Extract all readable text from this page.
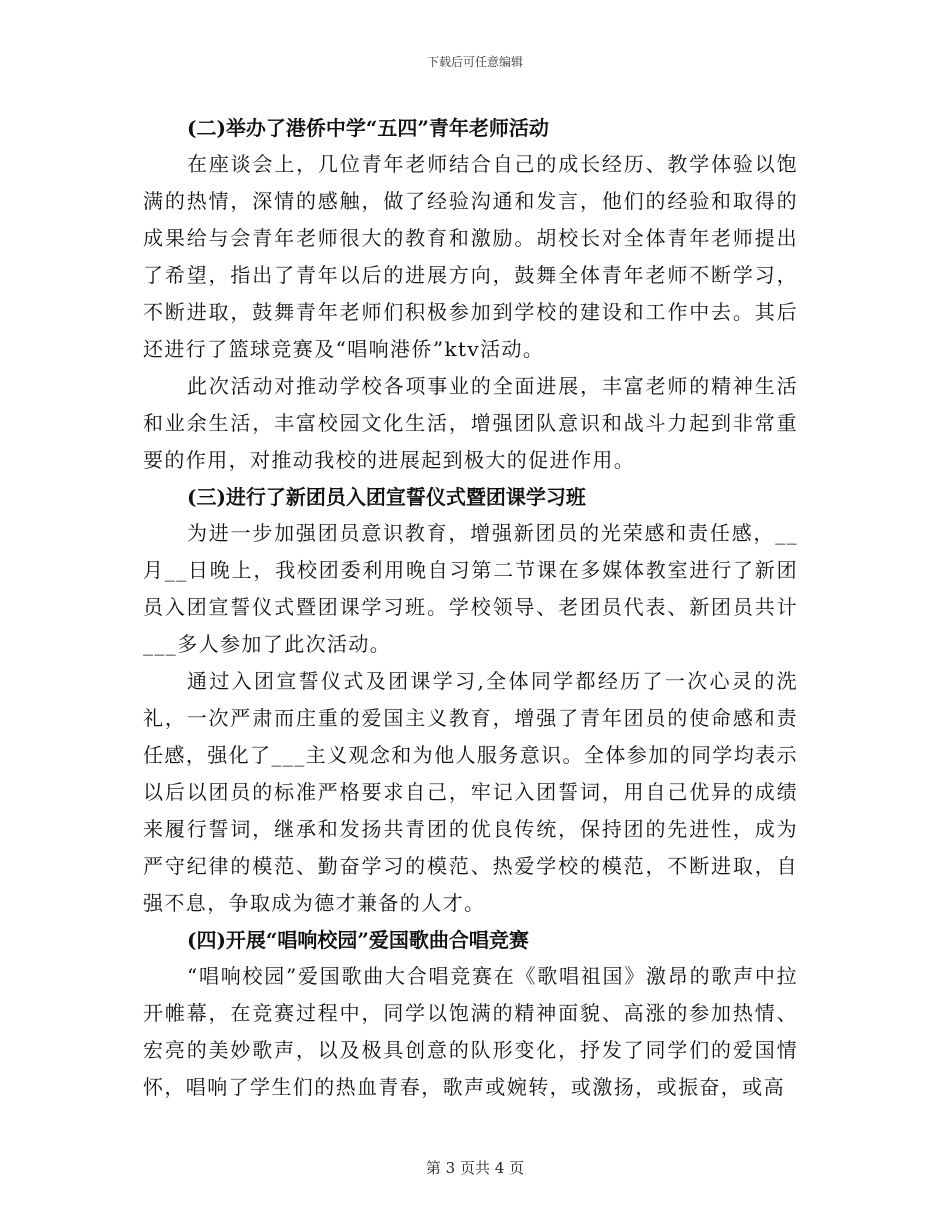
下载后可任意编辑
(二)举办了港侨中学“五四”青年老师活动

在座谈会上，几位青年老师结合自己的成长经历、教学体验以饱满的热情，深情的感触，做了经验沟通和发言，他们的经验和取得的成果给与会青年老师很大的教育和激励。胡校长对全体青年老师提出了希望，指出了青年以后的进展方向，鼓舞全体青年老师不断学习，不断进取，鼓舞青年老师们积极参加到学校的建设和工作中去。其后还进行了篮球竞赛及“唱响港侨”ktv活动。

此次活动对推动学校各项事业的全面进展，丰富老师的精神生活和业余生活，丰富校园文化生活，增强团队意识和战斗力起到非常重要的作用，对推动我校的进展起到极大的促进作用。

(三)进行了新团员入团宣誓仪式暨团课学习班

为进一步加强团员意识教育，增强新团员的光荣感和责任感，__月__日晚上，我校团委利用晚自习第二节课在多媒体教室进行了新团员入团宣誓仪式暨团课学习班。学校领导、老团员代表、新团员共计___多人参加了此次活动。

通过入团宣誓仪式及团课学习,全体同学都经历了一次心灵的洗礼，一次严肃而庄重的爱国主义教育，增强了青年团员的使命感和责任感，强化了___主义观念和为他人服务意识。全体参加的同学均表示以后以团员的标准严格要求自己，牢记入团誓词，用自己优异的成绩来履行誓词，继承和发扬共青团的优良传统，保持团的先进性，成为严守纪律的模范、勤奋学习的模范、热爱学校的模范，不断进取，自强不息，争取成为德才兼备的人才。

(四)开展“唱响校园”爱国歌曲合唱竞赛

“唱响校园”爱国歌曲大合唱竞赛在《歌唱祖国》激昂的歌声中拉开帷幕，在竞赛过程中，同学以饱满的精神面貌、高涨的参加热情、宏亮的美妙歌声，以及极具创意的队形变化，抒发了同学们的爱国情怀，唱响了学生们的热血青春，歌声或婉转，或激扬，或振奋，或高

第 3 页共 4 页
